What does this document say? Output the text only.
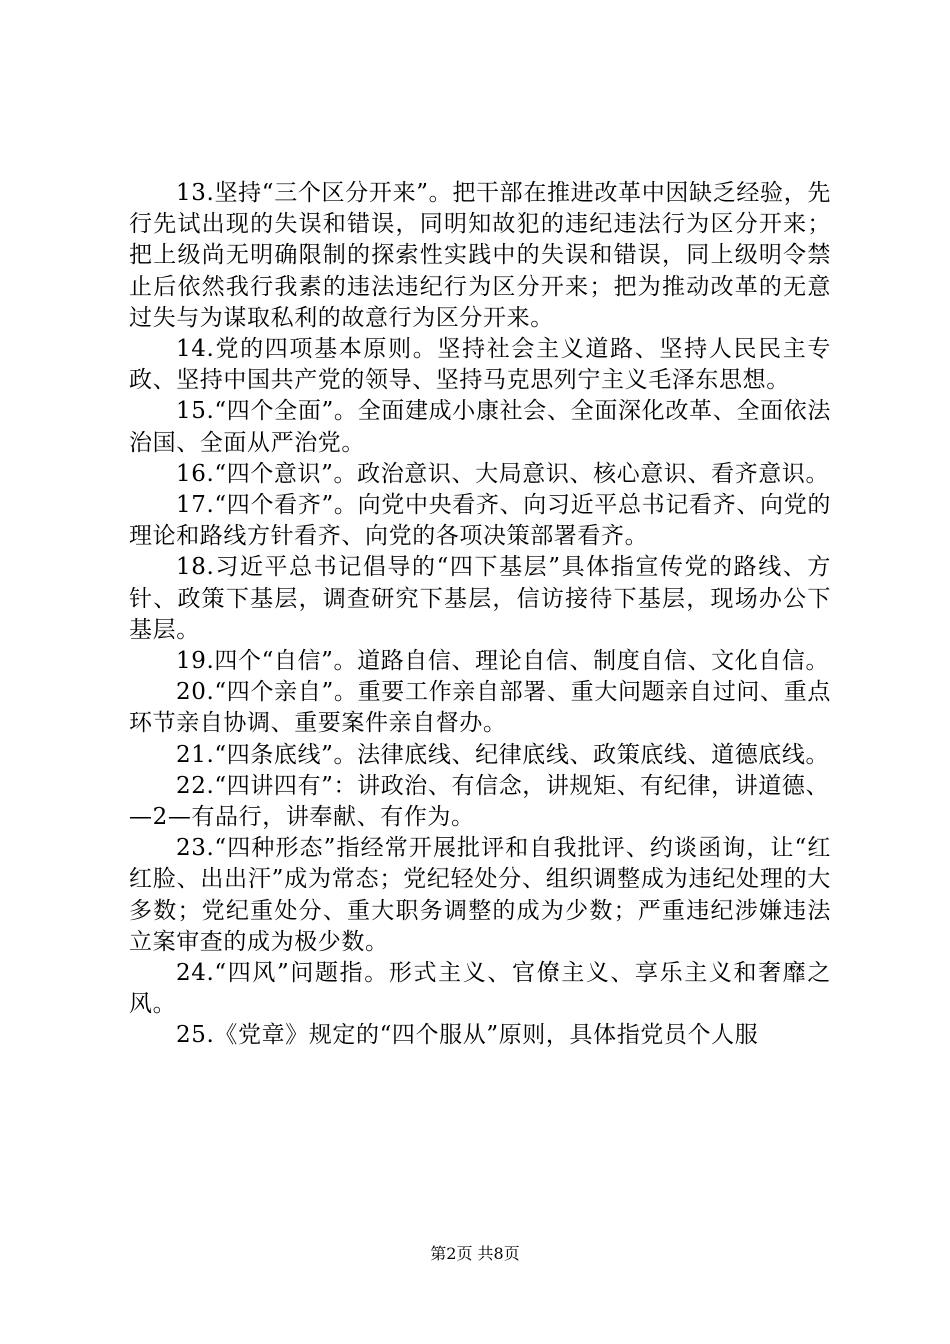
13.坚持“三个区分开来”。把干部在推进改革中因缺乏经验，先行先试出现的失误和错误，同明知故犯的违纪违法行为区分开来；把上级尚无明确限制的探索性实践中的失误和错误，同上级明令禁止后依然我行我素的违法违纪行为区分开来；把为推动改革的无意过失与为谋取私利的故意行为区分开来。

14.党的四项基本原则。坚持社会主义道路、坚持人民民主专政、坚持中国共产党的领导、坚持马克思列宁主义毛泽东思想。

15.“四个全面”。全面建成小康社会、全面深化改革、全面依法治国、全面从严治党。

16.“四个意识”。政治意识、大局意识、核心意识、看齐意识。

17.“四个看齐”。向党中央看齐、向习近平总书记看齐、向党的理论和路线方针看齐、向党的各项决策部署看齐。

18.习近平总书记倡导的“四下基层”具体指宣传党的路线、方针、政策下基层，调查研究下基层，信访接待下基层，现场办公下基层。

19.四个“自信”。道路自信、理论自信、制度自信、文化自信。

20.“四个亲自”。重要工作亲自部署、重大问题亲自过问、重点环节亲自协调、重要案件亲自督办。

21.“四条底线”。法律底线、纪律底线、政策底线、道德底线。

22.“四讲四有”：讲政治、有信念，讲规矩、有纪律，讲道德、

—2—有品行，讲奉献、有作为。

23.“四种形态”指经常开展批评和自我批评、约谈函询，让“红红脸、出出汗”成为常态；党纪轻处分、组织调整成为违纪处理的大多数；党纪重处分、重大职务调整的成为少数；严重违纪涉嫌违法立案审查的成为极少数。

24.“四风”问题指。形式主义、官僚主义、享乐主义和奢靡之风。

25.《党章》规定的“四个服从”原则，具体指党员个人服

第2页 共8页
